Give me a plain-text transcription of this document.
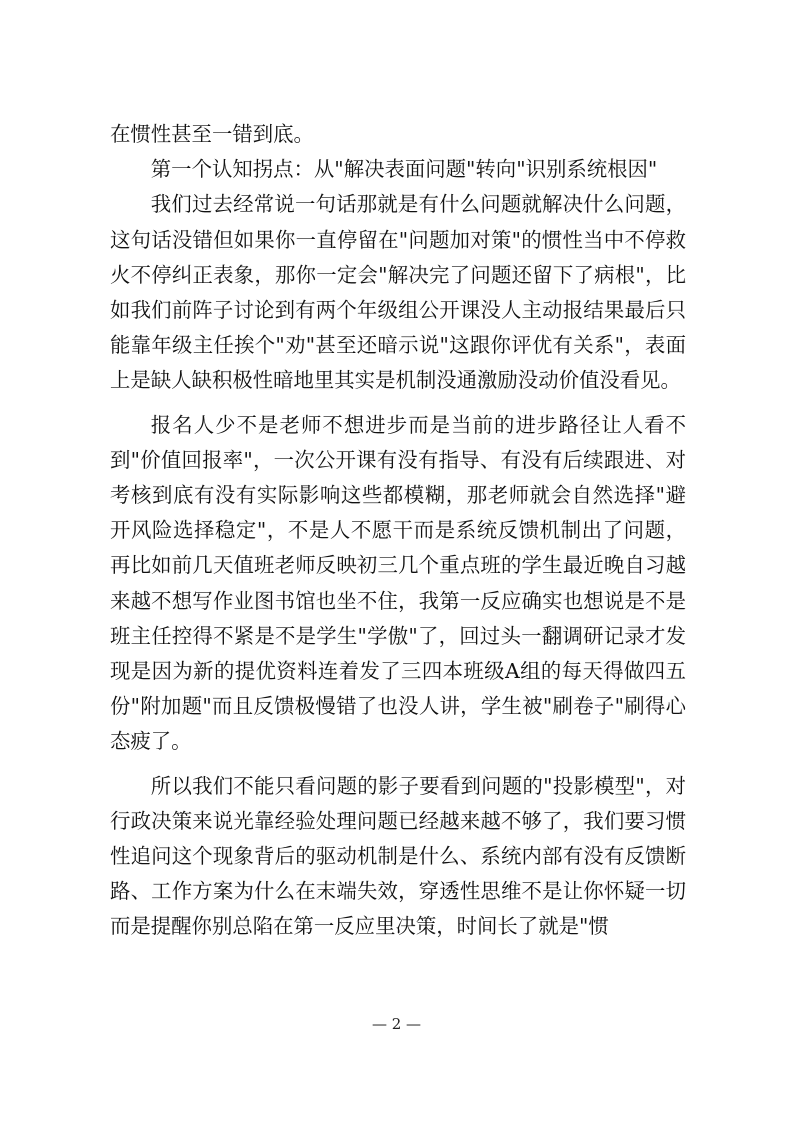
在惯性甚至一错到底。

第一个认知拐点：从"解决表面问题"转向"识别系统根因"

我们过去经常说一句话那就是有什么问题就解决什么问题，这句话没错但如果你一直停留在"问题加对策"的惯性当中不停救火不停纠正表象，那你一定会"解决完了问题还留下了病根"，比如我们前阵子讨论到有两个年级组公开课没人主动报结果最后只能靠年级主任挨个"劝"甚至还暗示说"这跟你评优有关系"，表面上是缺人缺积极性暗地里其实是机制没通激励没动价值没看见。

报名人少不是老师不想进步而是当前的进步路径让人看不到"价值回报率"，一次公开课有没有指导、有没有后续跟进、对考核到底有没有实际影响这些都模糊，那老师就会自然选择"避开风险选择稳定"，不是人不愿干而是系统反馈机制出了问题，再比如前几天值班老师反映初三几个重点班的学生最近晚自习越来越不想写作业图书馆也坐不住，我第一反应确实也想说是不是班主任控得不紧是不是学生"学傲"了，回过头一翻调研记录才发现是因为新的提优资料连着发了三四本班级A组的每天得做四五份"附加题"而且反馈极慢错了也没人讲，学生被"刷卷子"刷得心态疲了。

所以我们不能只看问题的影子要看到问题的"投影模型"，对行政决策来说光靠经验处理问题已经越来越不够了，我们要习惯性追问这个现象背后的驱动机制是什么、系统内部有没有反馈断路、工作方案为什么在末端失效，穿透性思维不是让你怀疑一切而是提醒你别总陷在第一反应里决策，时间长了就是"惯

— 2 —
